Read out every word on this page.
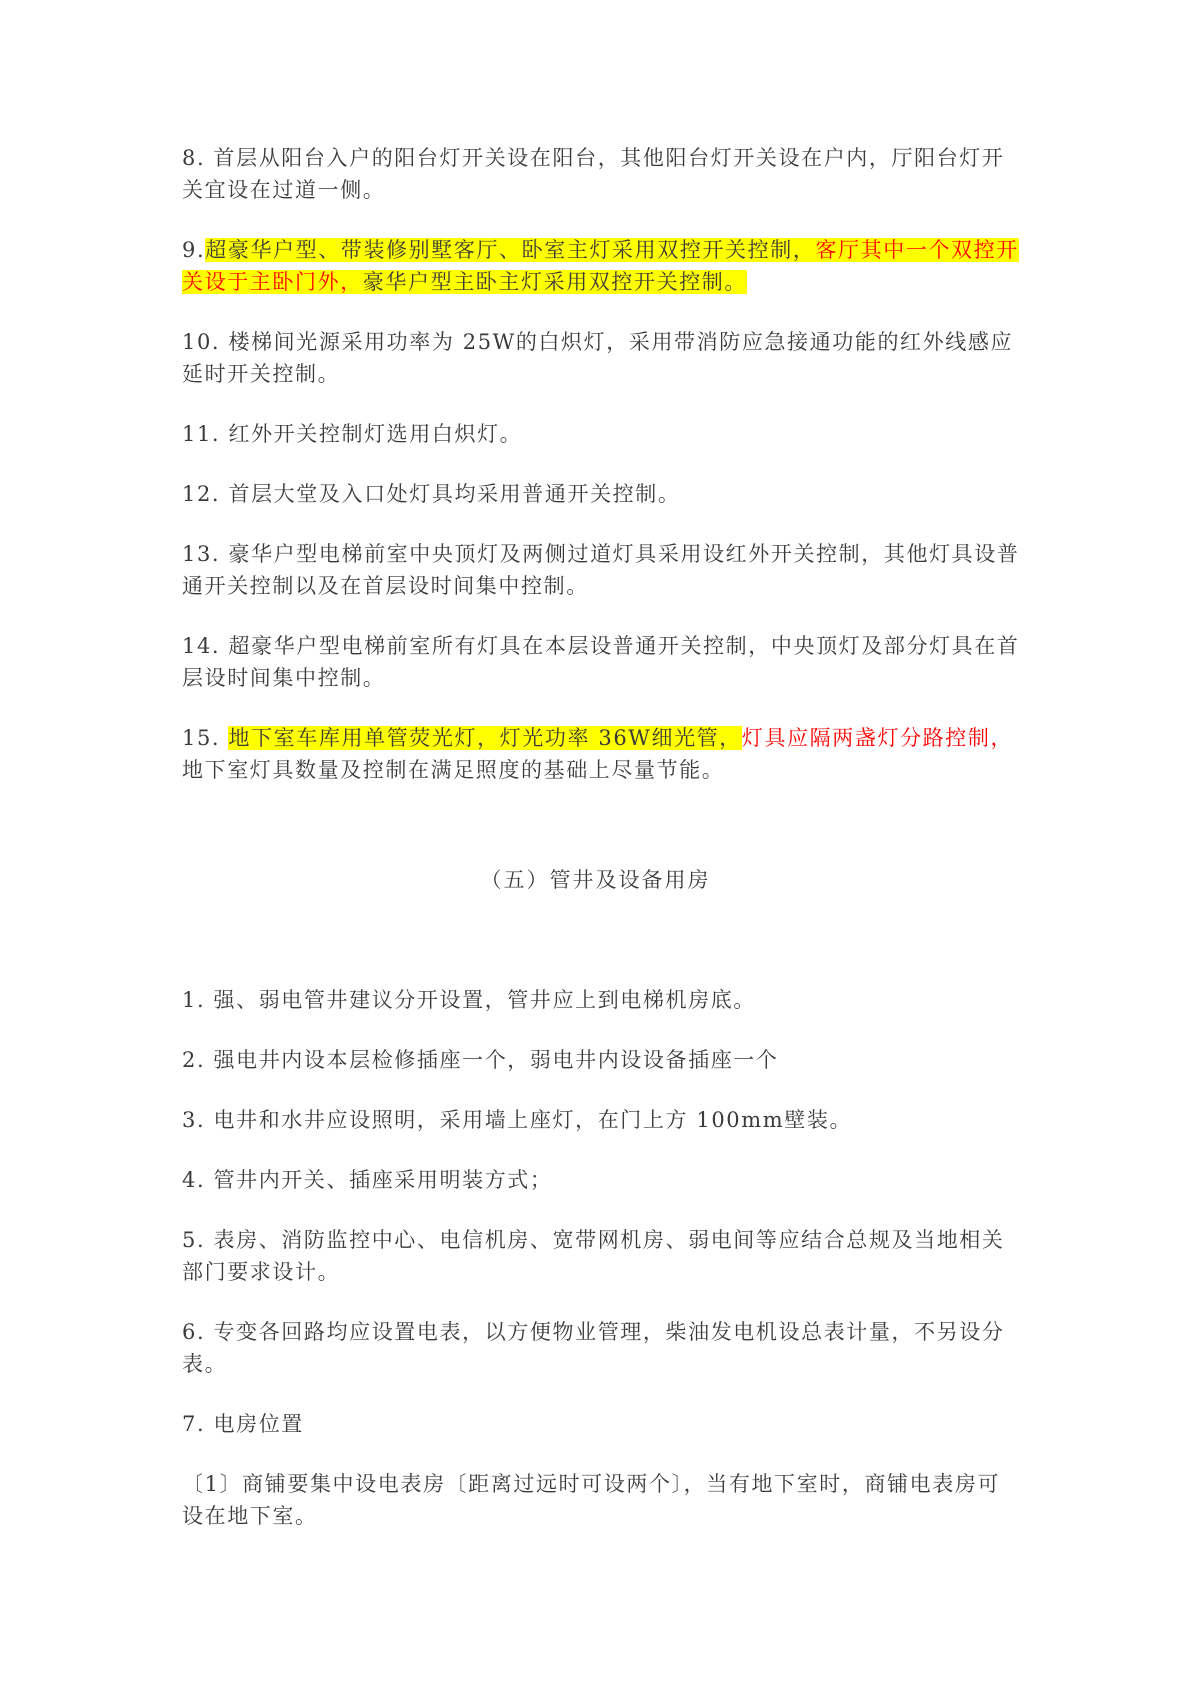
8. 首层从阳台入户的阳台灯开关设在阳台，其他阳台灯开关设在户内，厅阳台灯开关宜设在过道一侧。

9.超豪华户型、带装修别墅客厅、卧室主灯采用双控开关控制，客厅其中一个双控开关设于主卧门外，豪华户型主卧主灯采用双控开关控制。

10. 楼梯间光源采用功率为 25W的白炽灯，采用带消防应急接通功能的红外线感应延时开关控制。

11. 红外开关控制灯选用白炽灯。

12. 首层大堂及入口处灯具均采用普通开关控制。

13. 豪华户型电梯前室中央顶灯及两侧过道灯具采用设红外开关控制，其他灯具设普通开关控制以及在首层设时间集中控制。

14. 超豪华户型电梯前室所有灯具在本层设普通开关控制，中央顶灯及部分灯具在首层设时间集中控制。

15. 地下室车库用单管荧光灯，灯光功率 36W细光管，灯具应隔两盏灯分路控制，地下室灯具数量及控制在满足照度的基础上尽量节能。

（五）管井及设备用房

1. 强、弱电管井建议分开设置，管井应上到电梯机房底。

2. 强电井内设本层检修插座一个，弱电井内设设备插座一个

3. 电井和水井应设照明，采用墙上座灯，在门上方 100mm壁装。

4. 管井内开关、插座采用明装方式；

5. 表房、消防监控中心、电信机房、宽带网机房、弱电间等应结合总规及当地相关部门要求设计。

6. 专变各回路均应设置电表，以方便物业管理，柴油发电机设总表计量，不另设分表。

7. 电房位置

〔1〕商铺要集中设电表房〔距离过远时可设两个〕，当有地下室时，商铺电表房可设在地下室。
